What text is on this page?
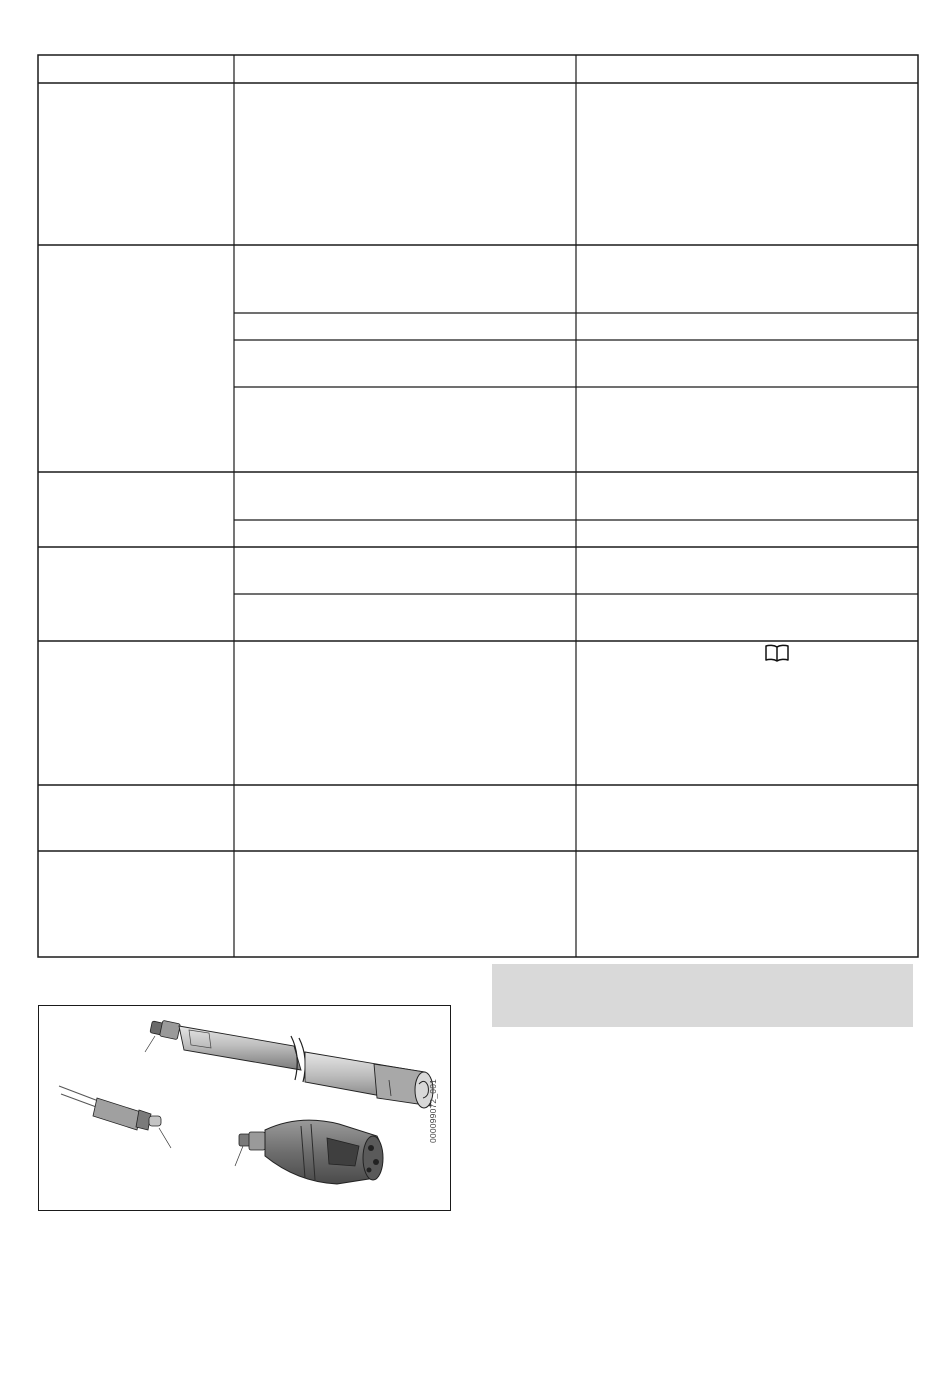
000099072_001
